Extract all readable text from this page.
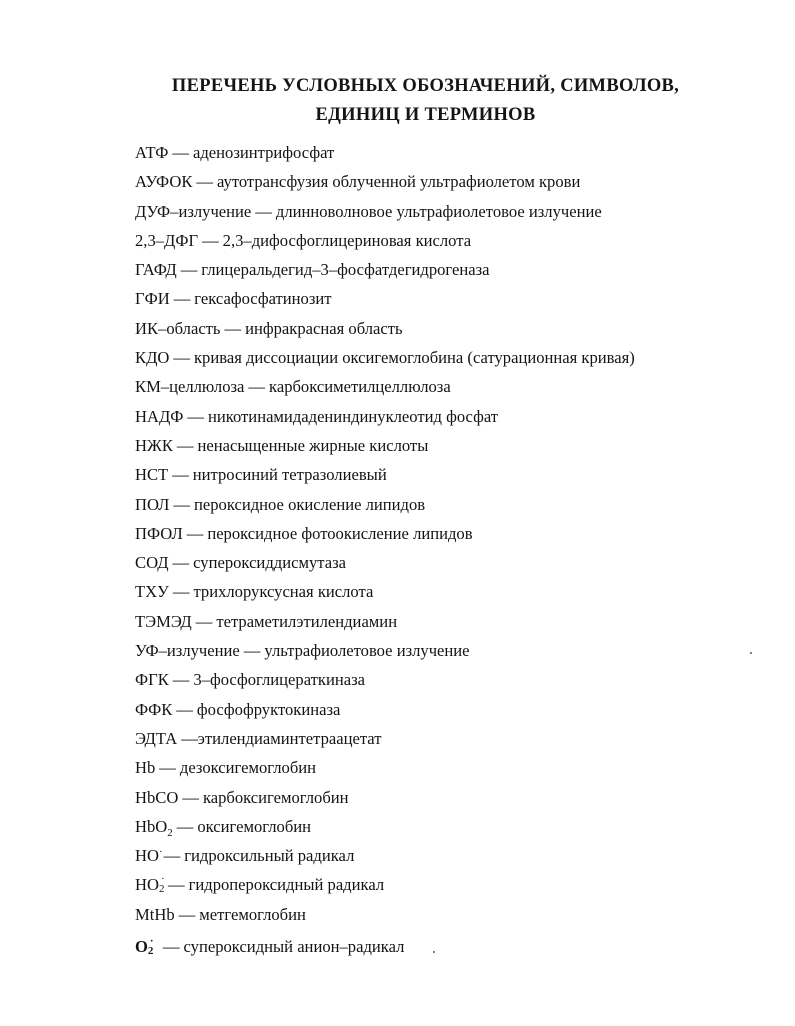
ПЕРЕЧЕНЬ УСЛОВНЫХ ОБОЗНАЧЕНИЙ, СИМВОЛОВ,
ЕДИНИЦ И ТЕРМИНОВ
АТФ — аденозинтрифосфат
АУФОК — аутотрансфузия облученной ультрафиолетом крови
ДУФ–излучение — длинноволновое ультрафиолетовое излучение
2,3–ДФГ — 2,3–дифосфоглицериновая кислота
ГАФД — глицеральдегид–3–фосфатдегидрогеназа
ГФИ — гексафосфатинозит
ИК–область — инфракрасная область
КДО — кривая диссоциации оксигемоглобина (сатурационная кривая)
КМ–целлюлоза — карбоксиметилцеллюлоза
НАДФ — никотинамидадениндинуклеотид фосфат
НЖК — ненасыщенные жирные кислоты
НСТ — нитросиний тетразолиевый
ПОЛ — пероксидное окисление липидов
ПФОЛ — пероксидное фотоокисление липидов
СОД — супероксиддисмутаза
ТХУ — трихлоруксусная кислота
ТЭМЭД — тетраметилэтилендиамин
УФ–излучение — ультрафиолетовое излучение
ФГК — 3–фосфоглицераткиназа
ФФК — фосфофруктокиназа
ЭДТА —этилендиаминтетраацетат
Hb — дезоксигемоглобин
HbCO — карбоксигемоглобин
HbO$_2$ — оксигемоглобин
HO·— гидроксильный радикал
HO 2
· — гидропероксидный радикал
MtHb — метгемоглобин
O 2
· — супероксидный анион–радикал
